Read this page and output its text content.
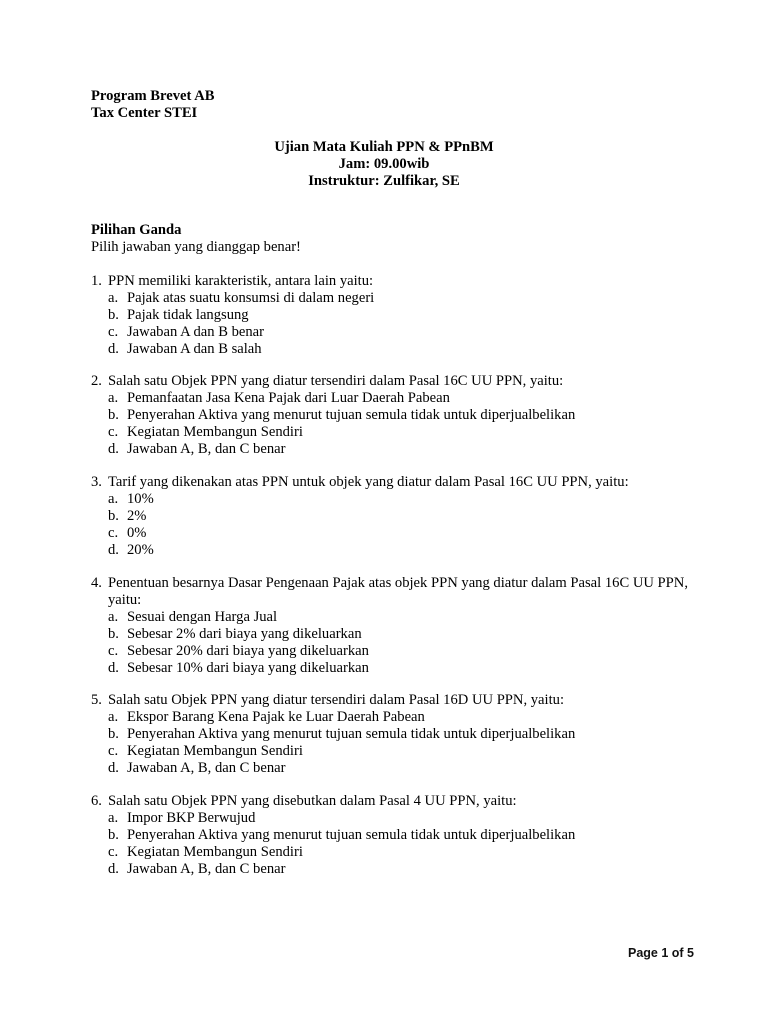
Program Brevet AB
Tax Center STEI
Ujian Mata Kuliah PPN & PPnBM
Jam: 09.00wib
Instruktur: Zulfikar, SE
Pilihan Ganda
Pilih jawaban yang dianggap benar!
1. PPN memiliki karakteristik, antara lain yaitu:
a. Pajak atas suatu konsumsi di dalam negeri
b. Pajak tidak langsung
c. Jawaban A dan B benar
d. Jawaban A dan B salah
2. Salah satu Objek PPN yang diatur tersendiri dalam Pasal 16C UU PPN, yaitu:
a. Pemanfaatan Jasa Kena Pajak dari Luar Daerah Pabean
b. Penyerahan Aktiva yang menurut tujuan semula tidak untuk diperjualbelikan
c. Kegiatan Membangun Sendiri
d. Jawaban A, B, dan C benar
3. Tarif yang dikenakan atas PPN untuk objek yang diatur dalam Pasal 16C UU PPN, yaitu:
a. 10%
b. 2%
c. 0%
d. 20%
4. Penentuan besarnya Dasar Pengenaan Pajak atas objek PPN yang diatur dalam Pasal 16C UU PPN, yaitu:
a. Sesuai dengan Harga Jual
b. Sebesar 2% dari biaya yang dikeluarkan
c. Sebesar 20% dari biaya yang dikeluarkan
d. Sebesar 10% dari biaya yang dikeluarkan
5. Salah satu Objek PPN yang diatur tersendiri dalam Pasal 16D UU PPN, yaitu:
a. Ekspor Barang Kena Pajak ke Luar Daerah Pabean
b. Penyerahan Aktiva yang menurut tujuan semula tidak untuk diperjualbelikan
c. Kegiatan Membangun Sendiri
d. Jawaban A, B, dan C benar
6. Salah satu Objek PPN yang disebutkan dalam Pasal 4 UU PPN, yaitu:
a. Impor BKP Berwujud
b. Penyerahan Aktiva yang menurut tujuan semula tidak untuk diperjualbelikan
c. Kegiatan Membangun Sendiri
d. Jawaban A, B, dan C benar
Page 1 of 5
